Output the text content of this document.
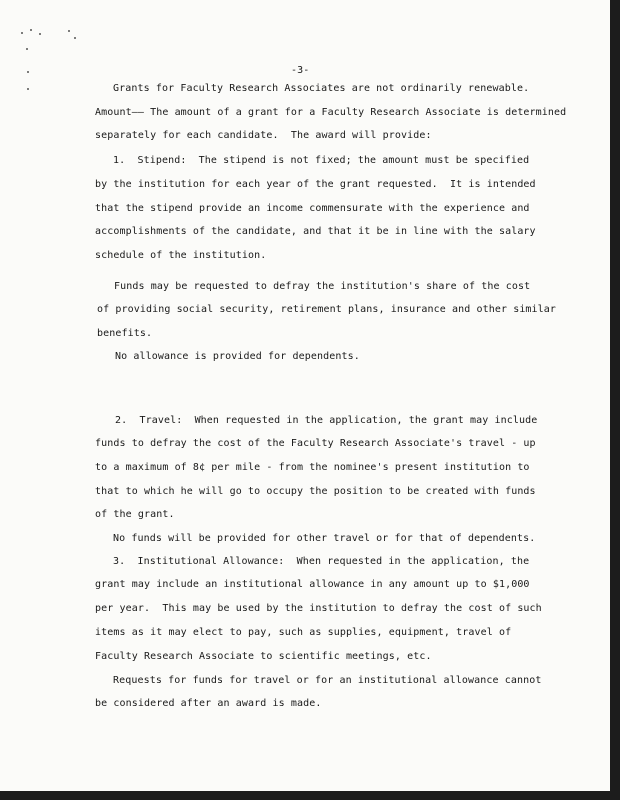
-3-
Grants for Faculty Research Associates are not ordinarily renewable.
Amount—— The amount of a grant for a Faculty Research Associate is determined
separately for each candidate.  The award will provide:
1.  Stipend:  The stipend is not fixed; the amount must be specified
by the institution for each year of the grant requested.  It is intended
that the stipend provide an income commensurate with the experience and
accomplishments of the candidate, and that it be in line with the salary
schedule of the institution.
Funds may be requested to defray the institution's share of the cost
of providing social security, retirement plans, insurance and other similar
benefits.
No allowance is provided for dependents.
2.  Travel:  When requested in the application, the grant may include
funds to defray the cost of the Faculty Research Associate's travel - up
to a maximum of 8¢ per mile - from the nominee's present institution to
that to which he will go to occupy the position to be created with funds
of the grant.
No funds will be provided for other travel or for that of dependents.
3.  Institutional Allowance:  When requested in the application, the
grant may include an institutional allowance in any amount up to $1,000
per year.  This may be used by the institution to defray the cost of such
items as it may elect to pay, such as supplies, equipment, travel of
Faculty Research Associate to scientific meetings, etc.
Requests for funds for travel or for an institutional allowance cannot
be considered after an award is made.
